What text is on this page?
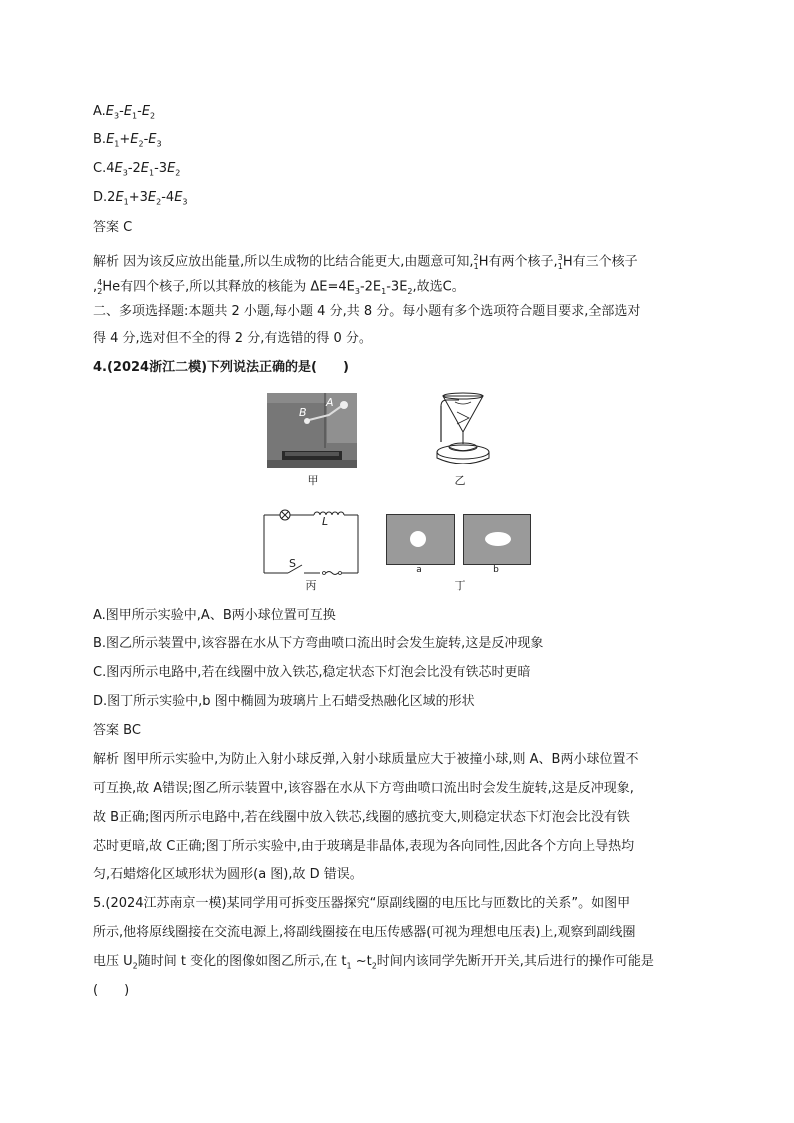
$A.E_3-E_1-E_2$
$B.E_1+E_2-E_3$
$C.4E_3-2E_1-3E_2$
$D.2E_1+3E_2-4E_3$
答案 C
解析 因为该反应放出能量,所以生成物的比结合能更大,由题意可知,$^2_1$H有两个核子,$^3_1$H有三个核子
,$^4_2$He有四个核子,所以其释放的核能为 $\Delta E=4E_3-2E_1-3E_2$,故选C。
二、多项选择题:本题共 2 小题,每小题 4 分,共 8 分。每小题有多个选项符合题目要求,全部选对
得 4 分,选对但不全的得 2 分,有选错的得 0 分。
4.(2024浙江二模)下列说法正确的是(　　)
B
A
甲	乙
L
S
丙
a	b
丁
A.图甲所示实验中,A、B两小球位置可互换
B.图乙所示装置中,该容器在水从下方弯曲喷口流出时会发生旋转,这是反冲现象
C.图丙所示电路中,若在线圈中放入铁芯,稳定状态下灯泡会比没有铁芯时更暗
D.图丁所示实验中,b 图中椭圆为玻璃片上石蜡受热融化区域的形状
答案 BC
解析 图甲所示实验中,为防止入射小球反弹,入射小球质量应大于被撞小球,则 A、B两小球位置不
可互换,故 A错误;图乙所示装置中,该容器在水从下方弯曲喷口流出时会发生旋转,这是反冲现象,
故 B正确;图丙所示电路中,若在线圈中放入铁芯,线圈的感抗变大,则稳定状态下灯泡会比没有铁
芯时更暗,故 C正确;图丁所示实验中,由于玻璃是非晶体,表现为各向同性,因此各个方向上导热均
匀,石蜡熔化区域形状为圆形(a 图),故 D 错误。
5.(2024江苏南京一模)某同学用可拆变压器探究“原副线圈的电压比与匝数比的关系”。如图甲
所示,他将原线圈接在交流电源上,将副线圈接在电压传感器(可视为理想电压表)上,观察到副线圈
电压 $U_2$随时间 t 变化的图像如图乙所示,在 $t_1$ $\sim t_2$时间内该同学先断开开关,其后进行的操作可能是
(　　)
